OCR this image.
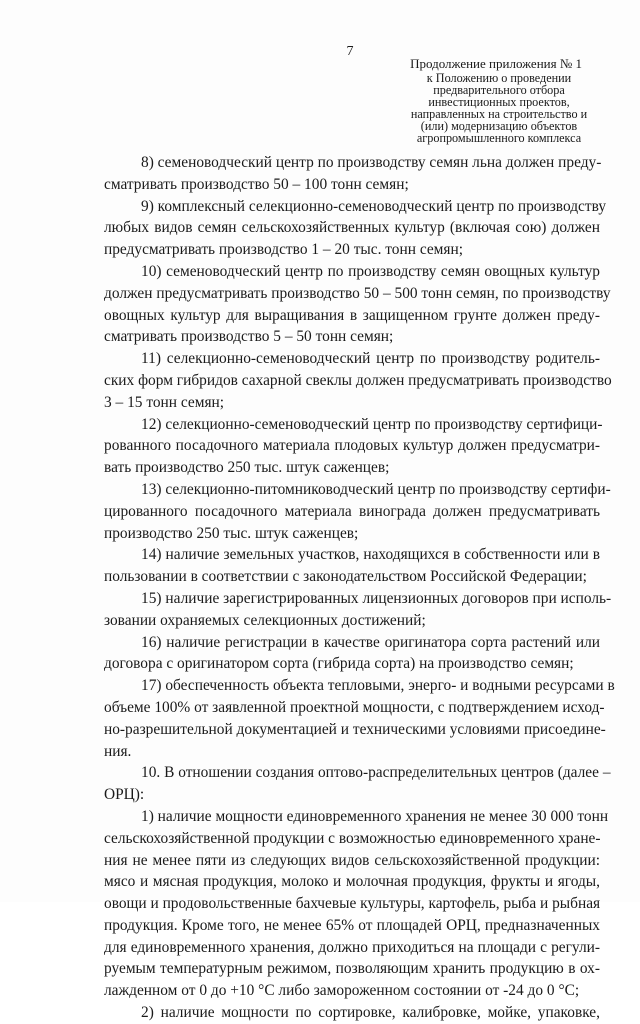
7
Продолжение приложения № 1
к Положению о проведении
предварительного отбора
инвестиционных проектов,
направленных на строительство и
(или) модернизацию объектов
агропромышленного комплекса
8) семеноводческий центр по производству семян льна должен преду-
сматривать производство 50 – 100 тонн семян;
9) комплексный селекционно-семеноводческий центр по производству
любых видов семян сельскохозяйственных культур (включая сою) должен
предусматривать производство 1 – 20 тыс. тонн семян;
10) семеноводческий центр по производству семян овощных культур
должен предусматривать производство 50 – 500 тонн семян, по производству
овощных культур для выращивания в защищенном грунте должен преду-
сматривать производство 5 – 50 тонн семян;
11) селекционно-семеноводческий центр по производству родитель-
ских форм гибридов сахарной свеклы должен предусматривать производство
3 – 15 тонн семян;
12) селекционно-семеноводческий центр по производству сертифици-
рованного посадочного материала плодовых культур должен предусматри-
вать производство 250 тыс. штук саженцев;
13) селекционно-питомниководческий центр по производству сертифи-
цированного посадочного материала винограда должен предусматривать
производство 250 тыс. штук саженцев;
14) наличие земельных участков, находящихся в собственности или в
пользовании в соответствии с законодательством Российской Федерации;
15) наличие зарегистрированных лицензионных договоров при исполь-
зовании охраняемых селекционных достижений;
16) наличие регистрации в качестве оригинатора сорта растений или
договора с оригинатором сорта (гибрида сорта) на производство семян;
17) обеспеченность объекта тепловыми, энерго- и водными ресурсами в
объеме 100% от заявленной проектной мощности, с подтверждением исход-
но-разрешительной документацией и техническими условиями присоедине-
ния.
10. В отношении создания оптово-распределительных центров (далее –
ОРЦ):
1) наличие мощности единовременного хранения не менее 30 000 тонн
сельскохозяйственной продукции с возможностью единовременного хране-
ния не менее пяти из следующих видов сельскохозяйственной продукции:
мясо и мясная продукция, молоко и молочная продукция, фрукты и ягоды,
овощи и продовольственные бахчевые культуры, картофель, рыба и рыбная
продукция. Кроме того, не менее 65% от площадей ОРЦ, предназначенных
для единовременного хранения, должно приходиться на площади с регули-
руемым температурным режимом, позволяющим хранить продукцию в ох-
лажденном от 0 до +10 °С либо замороженном состоянии от -24 до 0 °С;
2) наличие мощности по сортировке, калибровке, мойке, упаковке,
